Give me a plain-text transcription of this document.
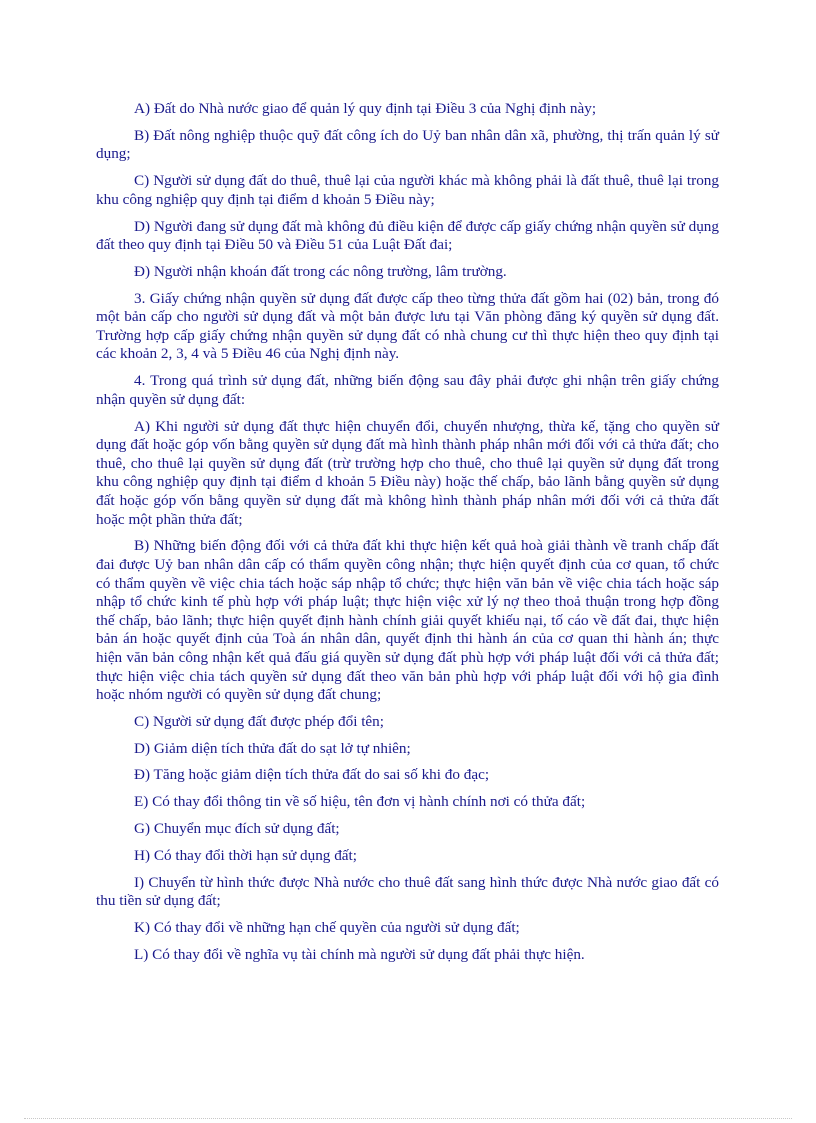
A) Đất do Nhà nước giao để quản lý quy định tại Điều 3 của Nghị định này;

B) Đất nông nghiệp thuộc quỹ đất công ích do Uỷ ban nhân dân xã, phường, thị trấn quản lý sử dụng;

C) Người sử dụng đất do thuê, thuê lại của người khác mà không phải là đất thuê, thuê lại trong khu công nghiệp quy định tại điểm d khoản 5 Điều này;

D) Người đang sử dụng đất mà không đủ điều kiện để được cấp giấy chứng nhận quyền sử dụng đất theo quy định tại Điều 50 và Điều 51 của Luật Đất đai;

Đ) Người nhận khoán đất trong các nông trường, lâm trường.

3. Giấy chứng nhận quyền sử dụng đất được cấp theo từng thửa đất gồm hai (02) bản, trong đó một bản cấp cho người sử dụng đất và một bản được lưu tại Văn phòng đăng ký quyền sử dụng đất. Trường hợp cấp giấy chứng nhận quyền sử dụng đất có nhà chung cư thì thực hiện theo quy định tại các khoản 2, 3, 4 và 5 Điều 46 của Nghị định này.

4. Trong quá trình sử dụng đất, những biến động sau đây phải được ghi nhận trên giấy chứng nhận quyền sử dụng đất:

A) Khi người sử dụng đất thực hiện chuyển đổi, chuyển nhượng, thừa kế, tặng cho quyền sử dụng đất hoặc góp vốn bằng quyền sử dụng đất mà hình thành pháp nhân mới đối với cả thửa đất; cho thuê, cho thuê lại quyền sử dụng đất (trừ trường hợp cho thuê, cho thuê lại quyền sử dụng đất trong khu công nghiệp quy định tại điểm d khoản 5 Điều này) hoặc thế chấp, bảo lãnh bằng quyền sử dụng đất hoặc góp vốn bằng quyền sử dụng đất mà không hình thành pháp nhân mới đối với cả thửa đất hoặc một phần thửa đất;

B) Những biến động đối với cả thửa đất khi thực hiện kết quả hoà giải thành về tranh chấp đất đai được Uỷ ban nhân dân cấp có thẩm quyền công nhận; thực hiện quyết định của cơ quan, tổ chức có thẩm quyền về việc chia tách hoặc sáp nhập tổ chức; thực hiện văn bản về việc chia tách hoặc sáp nhập tổ chức kinh tế phù hợp với pháp luật; thực hiện việc xử lý nợ theo thoả thuận trong hợp đồng thế chấp, bảo lãnh; thực hiện quyết định hành chính giải quyết khiếu nại, tố cáo về đất đai, thực hiện bản án hoặc quyết định của Toà án nhân dân, quyết định thi hành án của cơ quan thi hành án; thực hiện văn bản công nhận kết quả đấu giá quyền sử dụng đất phù hợp với pháp luật đối với cả thửa đất; thực hiện việc chia tách quyền sử dụng đất theo văn bản phù hợp với pháp luật đối với hộ gia đình hoặc nhóm người có quyền sử dụng đất chung;

C) Người sử dụng đất được phép đổi tên;

D) Giảm diện tích thửa đất do sạt lở tự nhiên;

Đ) Tăng hoặc giảm diện tích thửa đất do sai số khi đo đạc;

E) Có thay đổi thông tin về số hiệu, tên đơn vị hành chính nơi có thửa đất;

G) Chuyển mục đích sử dụng đất;

H) Có thay đổi thời hạn sử dụng đất;

I) Chuyển từ hình thức được Nhà nước cho thuê đất sang hình thức được Nhà nước giao đất có thu tiền sử dụng đất;

K) Có thay đổi về những hạn chế quyền của người sử dụng đất;

L) Có thay đổi về nghĩa vụ tài chính mà người sử dụng đất phải thực hiện.
